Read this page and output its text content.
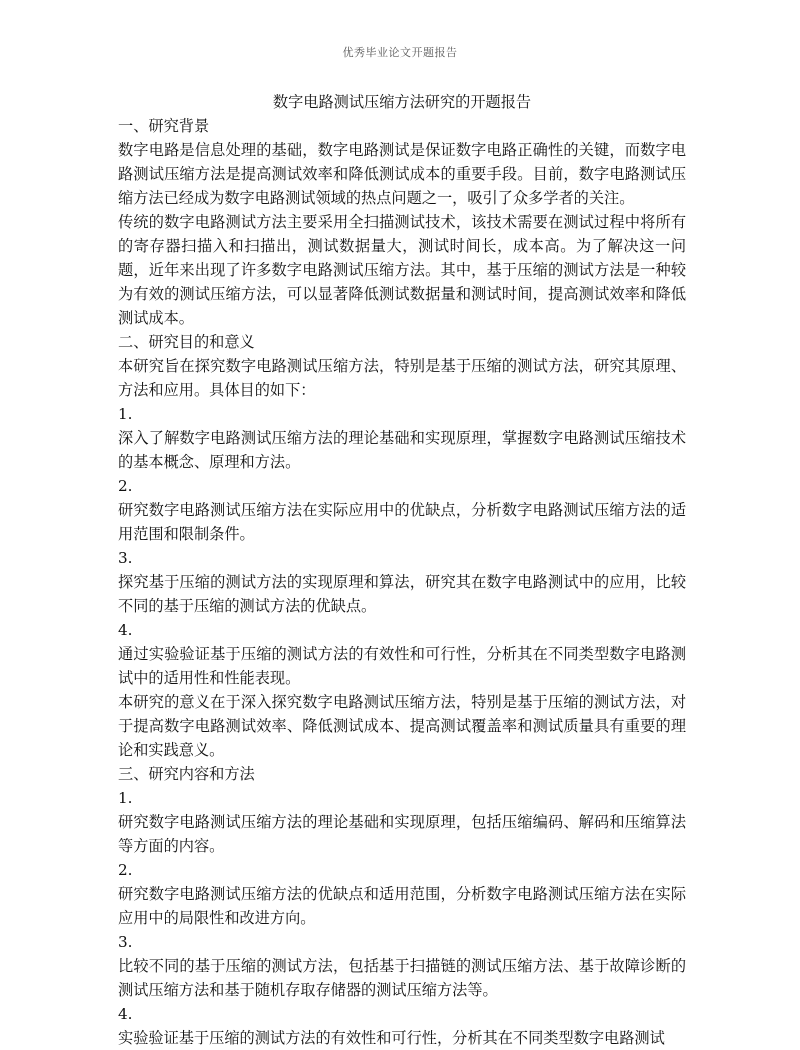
优秀毕业论文开题报告
数字电路测试压缩方法研究的开题报告
一、研究背景
数字电路是信息处理的基础，数字电路测试是保证数字电路正确性的关键，而数字电路测试压缩方法是提高测试效率和降低测试成本的重要手段。目前，数字电路测试压缩方法已经成为数字电路测试领域的热点问题之一，吸引了众多学者的关注。
传统的数字电路测试方法主要采用全扫描测试技术，该技术需要在测试过程中将所有的寄存器扫描入和扫描出，测试数据量大，测试时间长，成本高。为了解决这一问题，近年来出现了许多数字电路测试压缩方法。其中，基于压缩的测试方法是一种较为有效的测试压缩方法，可以显著降低测试数据量和测试时间，提高测试效率和降低测试成本。
二、研究目的和意义
本研究旨在探究数字电路测试压缩方法，特别是基于压缩的测试方法，研究其原理、方法和应用。具体目的如下：
1.
深入了解数字电路测试压缩方法的理论基础和实现原理，掌握数字电路测试压缩技术的基本概念、原理和方法。
2.
研究数字电路测试压缩方法在实际应用中的优缺点，分析数字电路测试压缩方法的适用范围和限制条件。
3.
探究基于压缩的测试方法的实现原理和算法，研究其在数字电路测试中的应用，比较不同的基于压缩的测试方法的优缺点。
4.
通过实验验证基于压缩的测试方法的有效性和可行性，分析其在不同类型数字电路测试中的适用性和性能表现。
本研究的意义在于深入探究数字电路测试压缩方法，特别是基于压缩的测试方法，对于提高数字电路测试效率、降低测试成本、提高测试覆盖率和测试质量具有重要的理论和实践意义。
三、研究内容和方法
1.
研究数字电路测试压缩方法的理论基础和实现原理，包括压缩编码、解码和压缩算法等方面的内容。
2.
研究数字电路测试压缩方法的优缺点和适用范围，分析数字电路测试压缩方法在实际应用中的局限性和改进方向。
3.
比较不同的基于压缩的测试方法，包括基于扫描链的测试压缩方法、基于故障诊断的测试压缩方法和基于随机存取存储器的测试压缩方法等。
4.
实验验证基于压缩的测试方法的有效性和可行性，分析其在不同类型数字电路测试
